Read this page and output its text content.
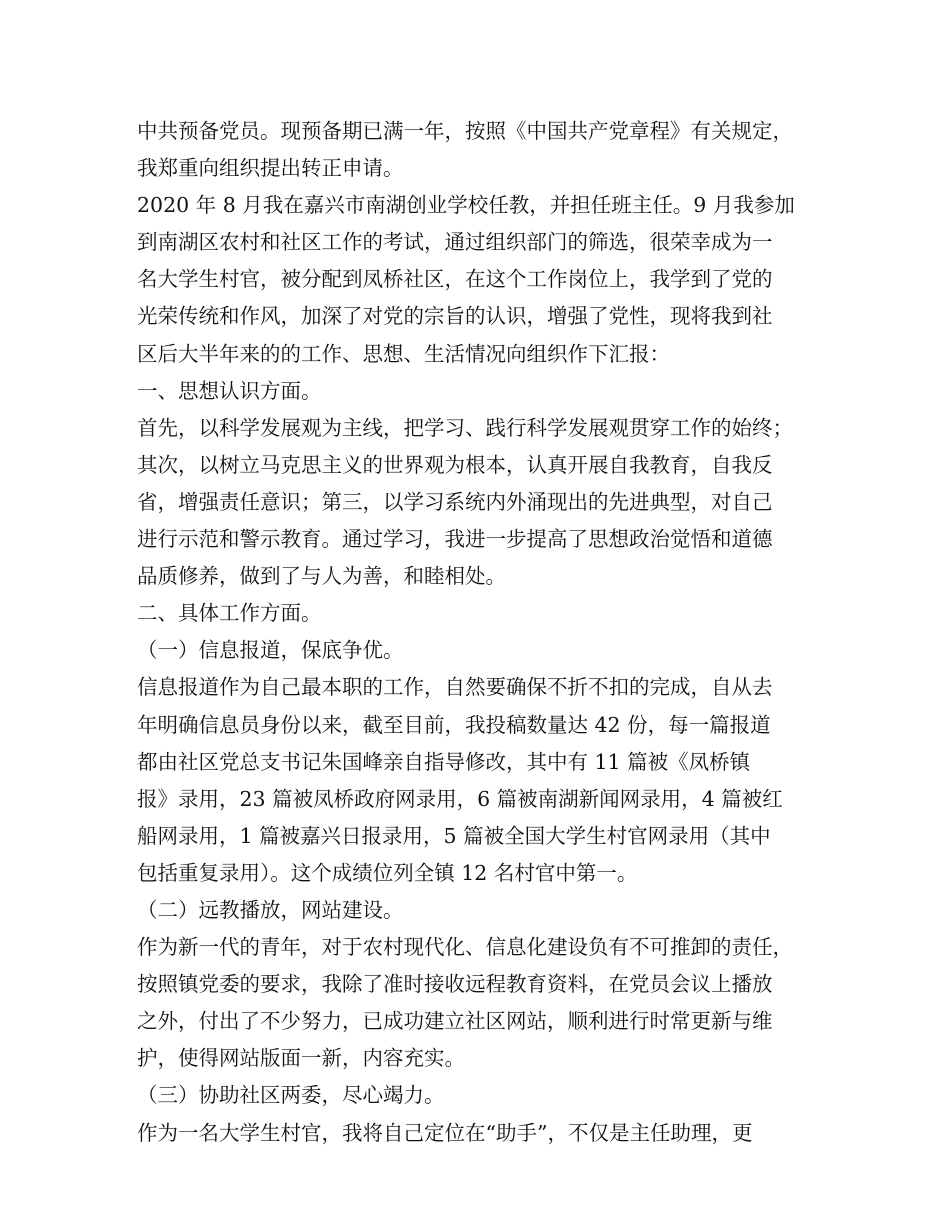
中共预备党员。现预备期已满一年，按照《中国共产党章程》有关规定，
我郑重向组织提出转正申请。
2020 年 8 月我在嘉兴市南湖创业学校任教，并担任班主任。9 月我参加
到南湖区农村和社区工作的考试，通过组织部门的筛选，很荣幸成为一
名大学生村官，被分配到凤桥社区，在这个工作岗位上，我学到了党的
光荣传统和作风，加深了对党的宗旨的认识，增强了党性，现将我到社
区后大半年来的的工作、思想、生活情况向组织作下汇报：
一、思想认识方面。
首先，以科学发展观为主线，把学习、践行科学发展观贯穿工作的始终；
其次，以树立马克思主义的世界观为根本，认真开展自我教育，自我反
省，增强责任意识；第三，以学习系统内外涌现出的先进典型，对自己
进行示范和警示教育。通过学习，我进一步提高了思想政治觉悟和道德
品质修养，做到了与人为善，和睦相处。
二、具体工作方面。
（一）信息报道，保底争优。
信息报道作为自己最本职的工作，自然要确保不折不扣的完成，自从去
年明确信息员身份以来，截至目前，我投稿数量达 42 份，每一篇报道
都由社区党总支书记朱国峰亲自指导修改，其中有 11 篇被《凤桥镇
报》录用，23 篇被凤桥政府网录用，6 篇被南湖新闻网录用，4 篇被红
船网录用，1 篇被嘉兴日报录用，5 篇被全国大学生村官网录用（其中
包括重复录用）。这个成绩位列全镇 12 名村官中第一。
（二）远教播放，网站建设。
作为新一代的青年，对于农村现代化、信息化建设负有不可推卸的责任，
按照镇党委的要求，我除了准时接收远程教育资料，在党员会议上播放
之外，付出了不少努力，已成功建立社区网站，顺利进行时常更新与维
护，使得网站版面一新，内容充实。
（三）协助社区两委，尽心竭力。
作为一名大学生村官，我将自己定位在“助手”，不仅是主任助理，更
